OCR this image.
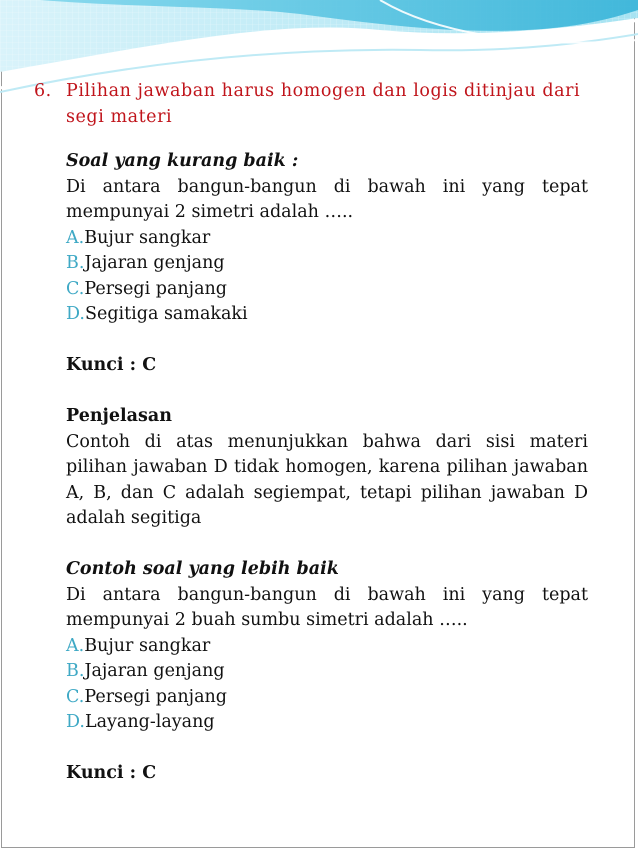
6. Pilihan jawaban harus homogen dan logis ditinjau dari
segi materi
Soal yang kurang baik :
Di antara bangun-bangun di bawah ini yang tepat mempunyai 2 simetri adalah …..
A.Bujur sangkar
B.Jajaran genjang
C.Persegi panjang
D.Segitiga samakaki
Kunci : C
Penjelasan
Contoh di atas menunjukkan bahwa dari sisi materi pilihan jawaban D tidak homogen, karena pilihan jawaban A, B, dan C adalah segiempat, tetapi pilihan jawaban D adalah segitiga
Contoh soal yang lebih baik
Di antara bangun-bangun di bawah ini yang tepat mempunyai 2 buah sumbu simetri adalah …..
A.Bujur sangkar
B.Jajaran genjang
C.Persegi panjang
D.Layang-layang
Kunci : C
